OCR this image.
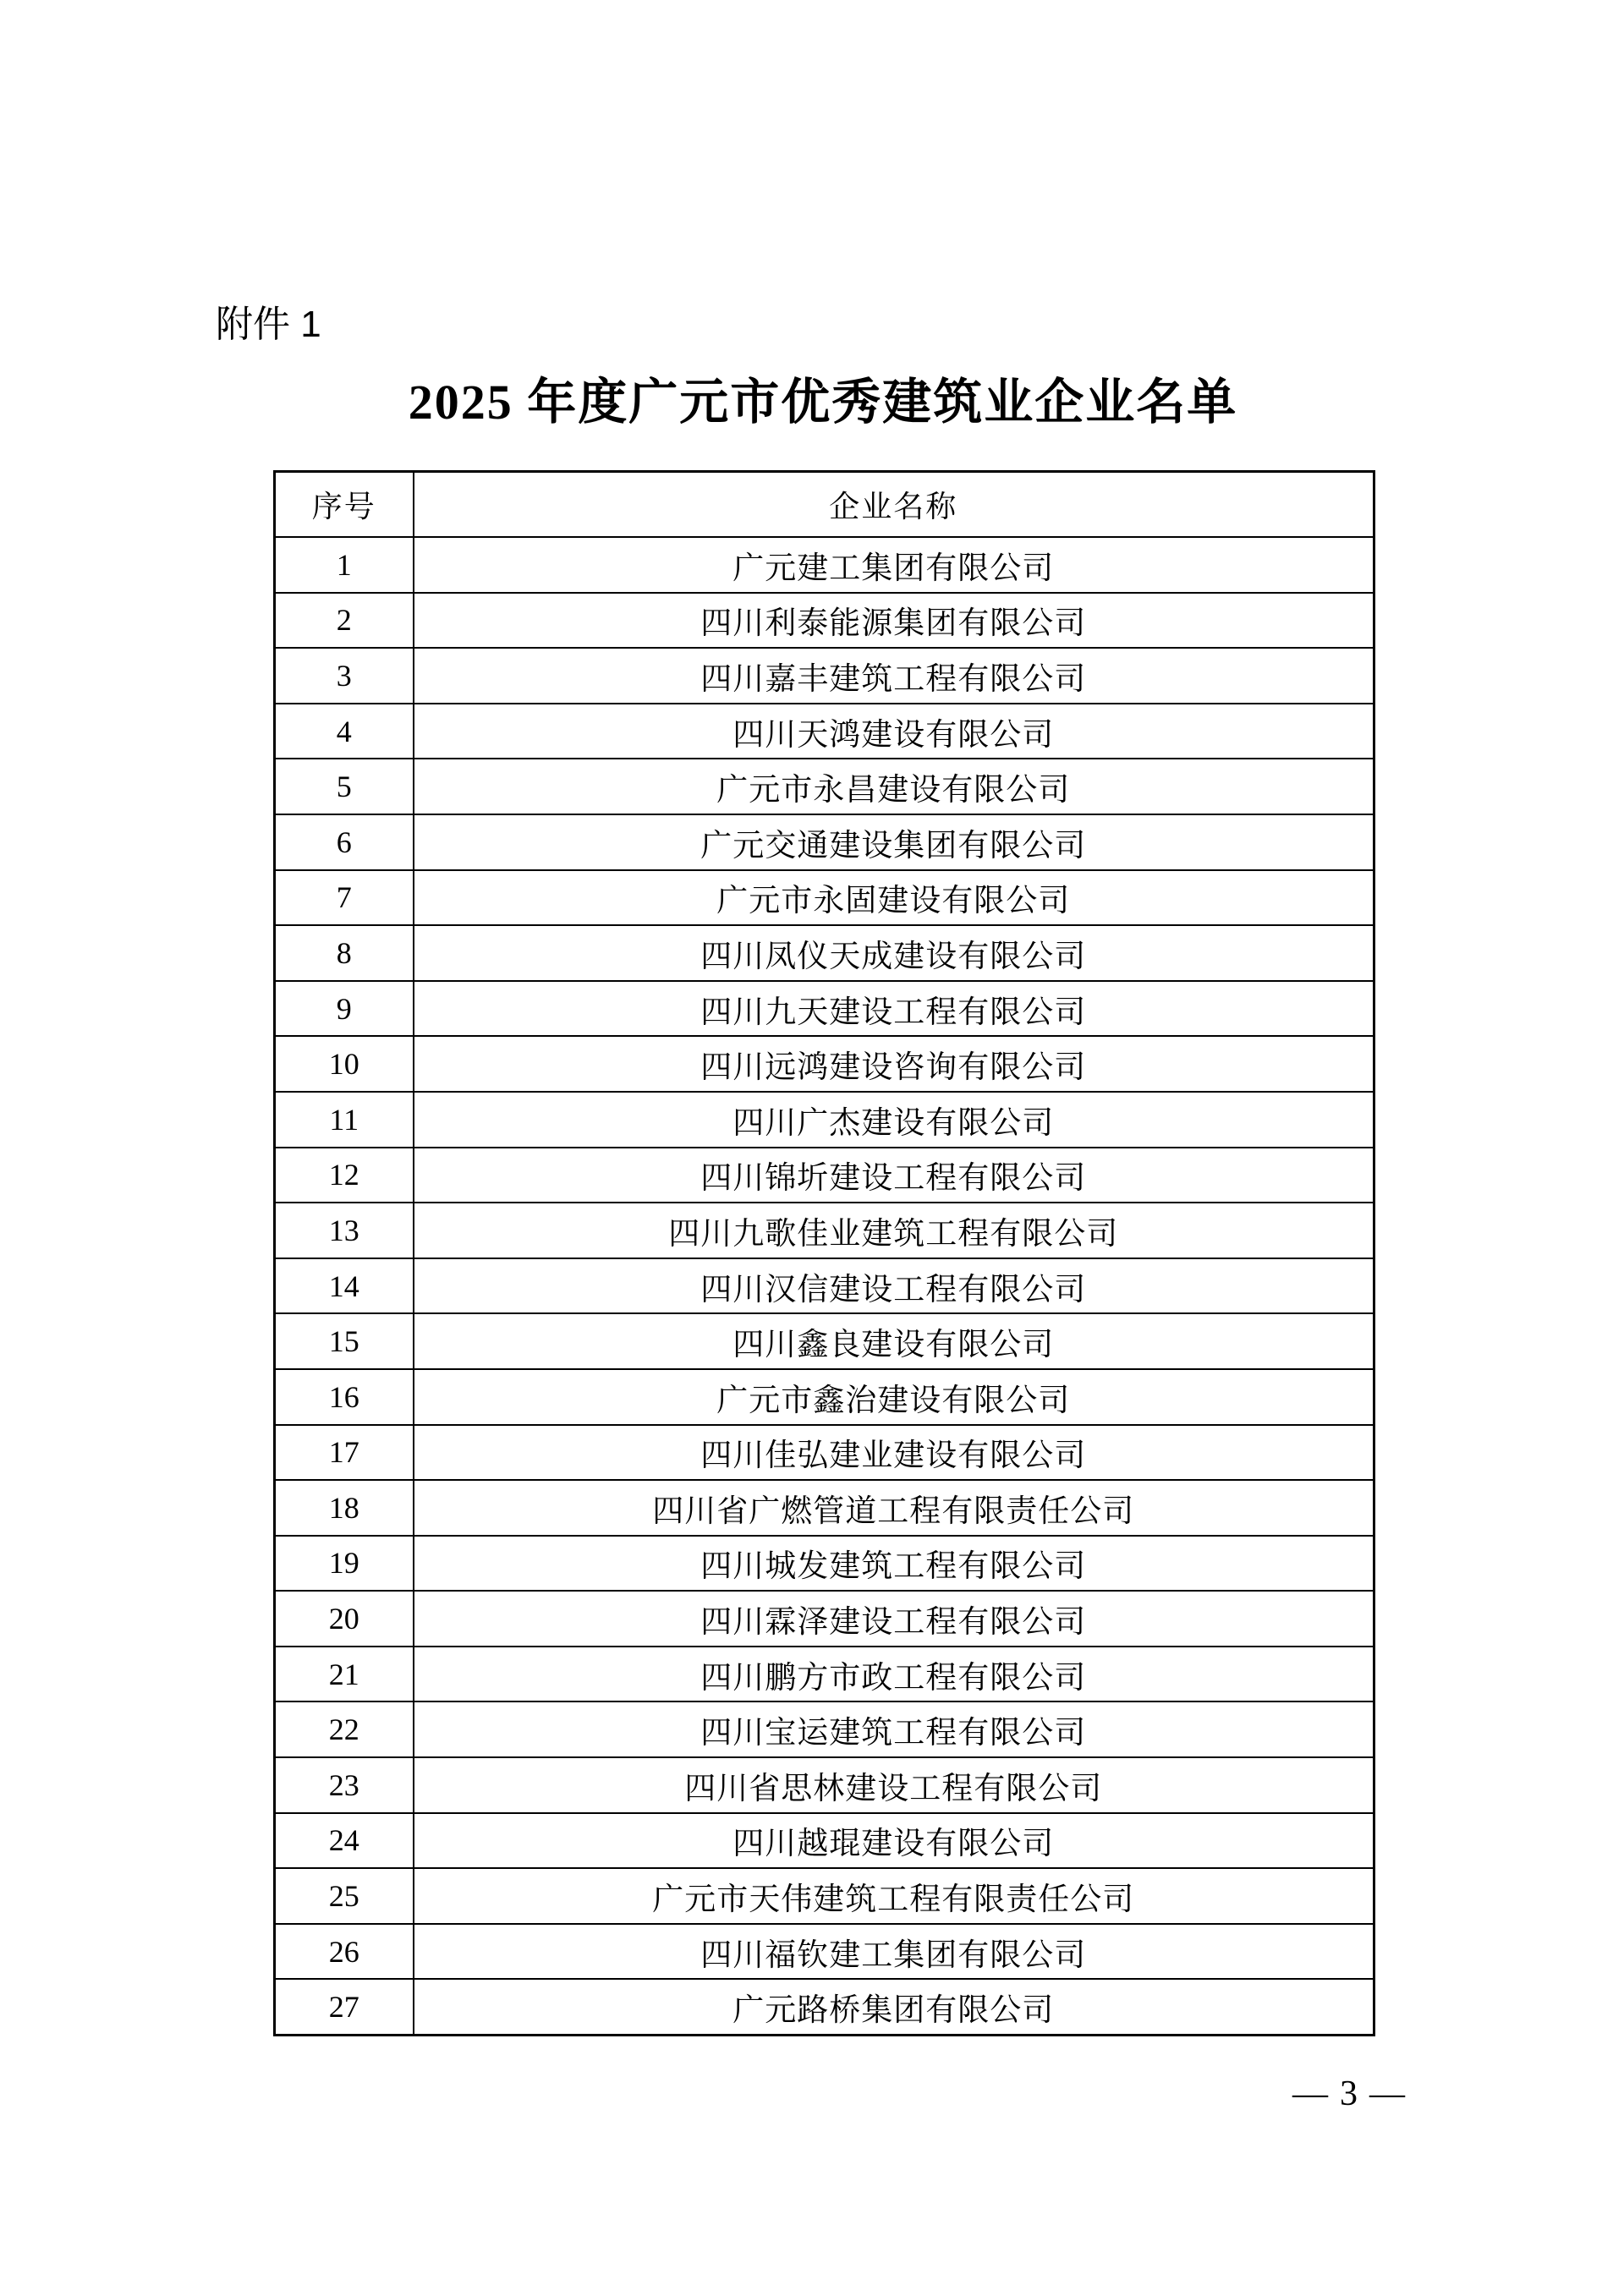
附件 1
2025 年度广元市优秀建筑业企业名单
序号	企业名称
1	广元建工集团有限公司
2	四川利泰能源集团有限公司
3	四川嘉丰建筑工程有限公司
4	四川天鸿建设有限公司
5	广元市永昌建设有限公司
6	广元交通建设集团有限公司
7	广元市永固建设有限公司
8	四川凤仪天成建设有限公司
9	四川九天建设工程有限公司
10	四川远鸿建设咨询有限公司
11	四川广杰建设有限公司
12	四川锦圻建设工程有限公司
13	四川九歌佳业建筑工程有限公司
14	四川汉信建设工程有限公司
15	四川鑫良建设有限公司
16	广元市鑫治建设有限公司
17	四川佳弘建业建设有限公司
18	四川省广燃管道工程有限责任公司
19	四川城发建筑工程有限公司
20	四川霖泽建设工程有限公司
21	四川鹏方市政工程有限公司
22	四川宝运建筑工程有限公司
23	四川省思林建设工程有限公司
24	四川越琨建设有限公司
25	广元市天伟建筑工程有限责任公司
26	四川福钦建工集团有限公司
27	广元路桥集团有限公司
— 3 —
